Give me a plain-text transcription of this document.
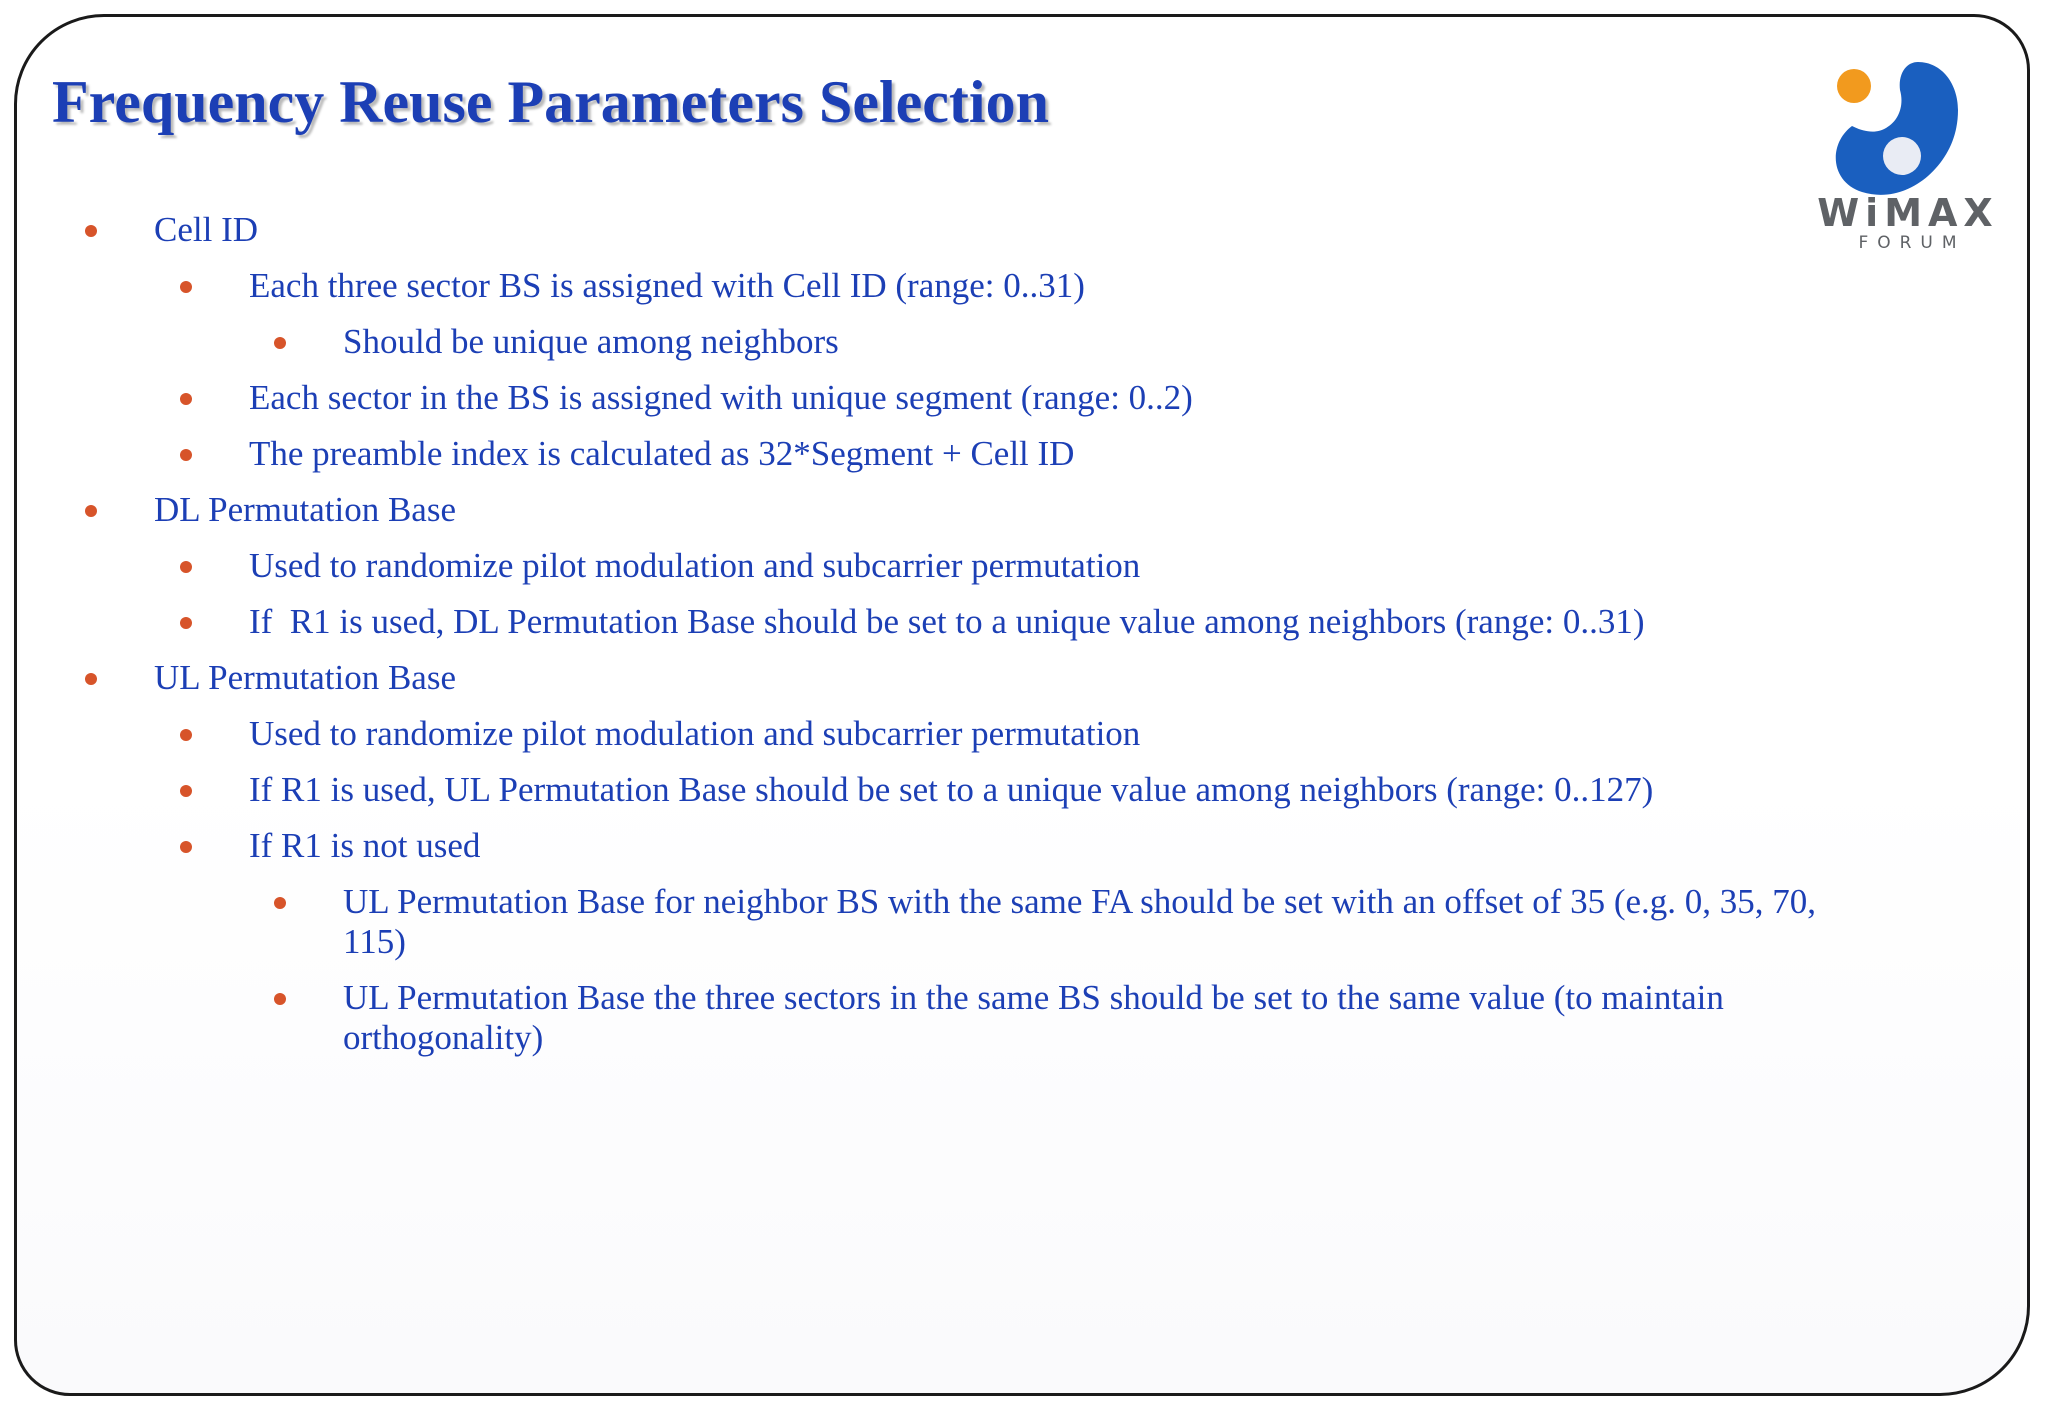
Frequency Reuse Parameters Selection
WiMAX
FORUM
Cell ID
Each three sector BS is assigned with Cell ID (range: 0..31)
Should be unique among neighbors
Each sector in the BS is assigned with unique segment (range: 0..2)
The preamble index is calculated as 32*Segment + Cell ID
DL Permutation Base
Used to randomize pilot modulation and subcarrier permutation
If  R1 is used, DL Permutation Base should be set to a unique value among neighbors (range: 0..31)
UL Permutation Base
Used to randomize pilot modulation and subcarrier permutation
If R1 is used, UL Permutation Base should be set to a unique value among neighbors (range: 0..127)
If R1 is not used
UL Permutation Base for neighbor BS with the same FA should be set with an offset of 35 (e.g. 0, 35, 70, 115)
UL Permutation Base the three sectors in the same BS should be set to the same value (to maintain orthogonality)
